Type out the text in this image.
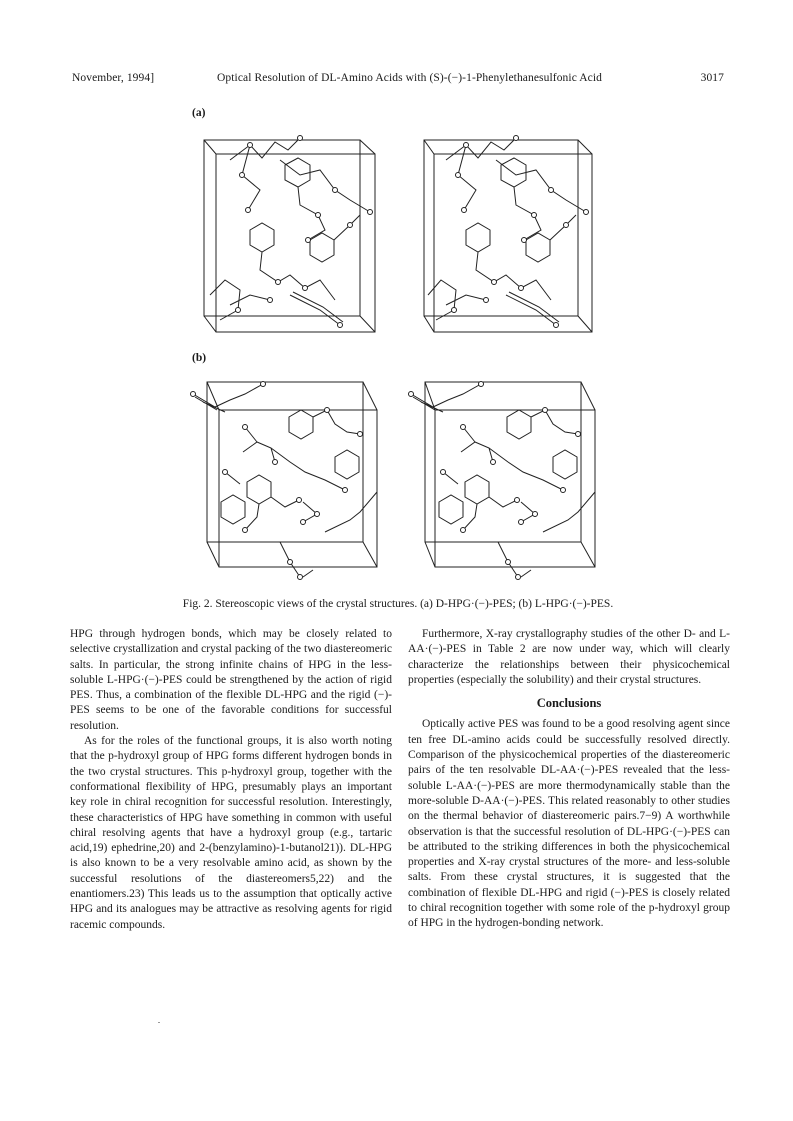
November, 1994]	Optical Resolution of DL-Amino Acids with (S)-(−)-1-Phenylethanesulfonic Acid	3017
(a)
(b)
Fig. 2. Stereoscopic views of the crystal structures. (a) D-HPG·(−)-PES; (b) L-HPG·(−)-PES.

HPG through hydrogen bonds, which may be closely related to selective crystallization and crystal packing of the two diastereomeric salts. In particular, the strong infinite chains of HPG in the less-soluble L-HPG·(−)-PES could be strengthened by the action of rigid PES. Thus, a combination of the flexible DL-HPG and the rigid (−)-PES seems to be one of the favorable conditions for successful resolution.

As for the roles of the functional groups, it is also worth noting that the p-hydroxyl group of HPG forms different hydrogen bonds in the two crystal structures. This p-hydroxyl group, together with the conformational flexibility of HPG, presumably plays an important key role in chiral recognition for successful resolution. Interestingly, these characteristics of HPG have something in common with useful chiral resolving agents that have a hydroxyl group (e.g., tartaric acid,19) ephedrine,20) and 2-(benzylamino)-1-butanol21)). DL-HPG is also known to be a very resolvable amino acid, as shown by the successful resolutions of the diastereomers5,22) and the enantiomers.23) This leads us to the assumption that optically active HPG and its analogues may be attractive as resolving agents for rigid racemic compounds.

Furthermore, X-ray crystallography studies of the other D- and L-AA·(−)-PES in Table 2 are now under way, which will clearly characterize the relationships between their physicochemical properties (especially the solubility) and their crystal structures.

Conclusions

Optically active PES was found to be a good resolving agent since ten free DL-amino acids could be successfully resolved directly. Comparison of the physicochemical properties of the diastereomeric pairs of the ten resolvable DL-AA·(−)-PES revealed that the less-soluble L-AA·(−)-PES are more thermodynamically stable than the more-soluble D-AA·(−)-PES. This related reasonably to other studies on the thermal behavior of diastereomeric pairs.7−9) A worthwhile observation is that the successful resolution of DL-HPG·(−)-PES can be attributed to the striking differences in both the physicochemical properties and X-ray crystal structures of the more- and less-soluble salts. From these crystal structures, it is suggested that the combination of flexible DL-HPG and rigid (−)-PES is closely related to chiral recognition together with some role of the p-hydroxyl group of HPG in the hydrogen-bonding network.
